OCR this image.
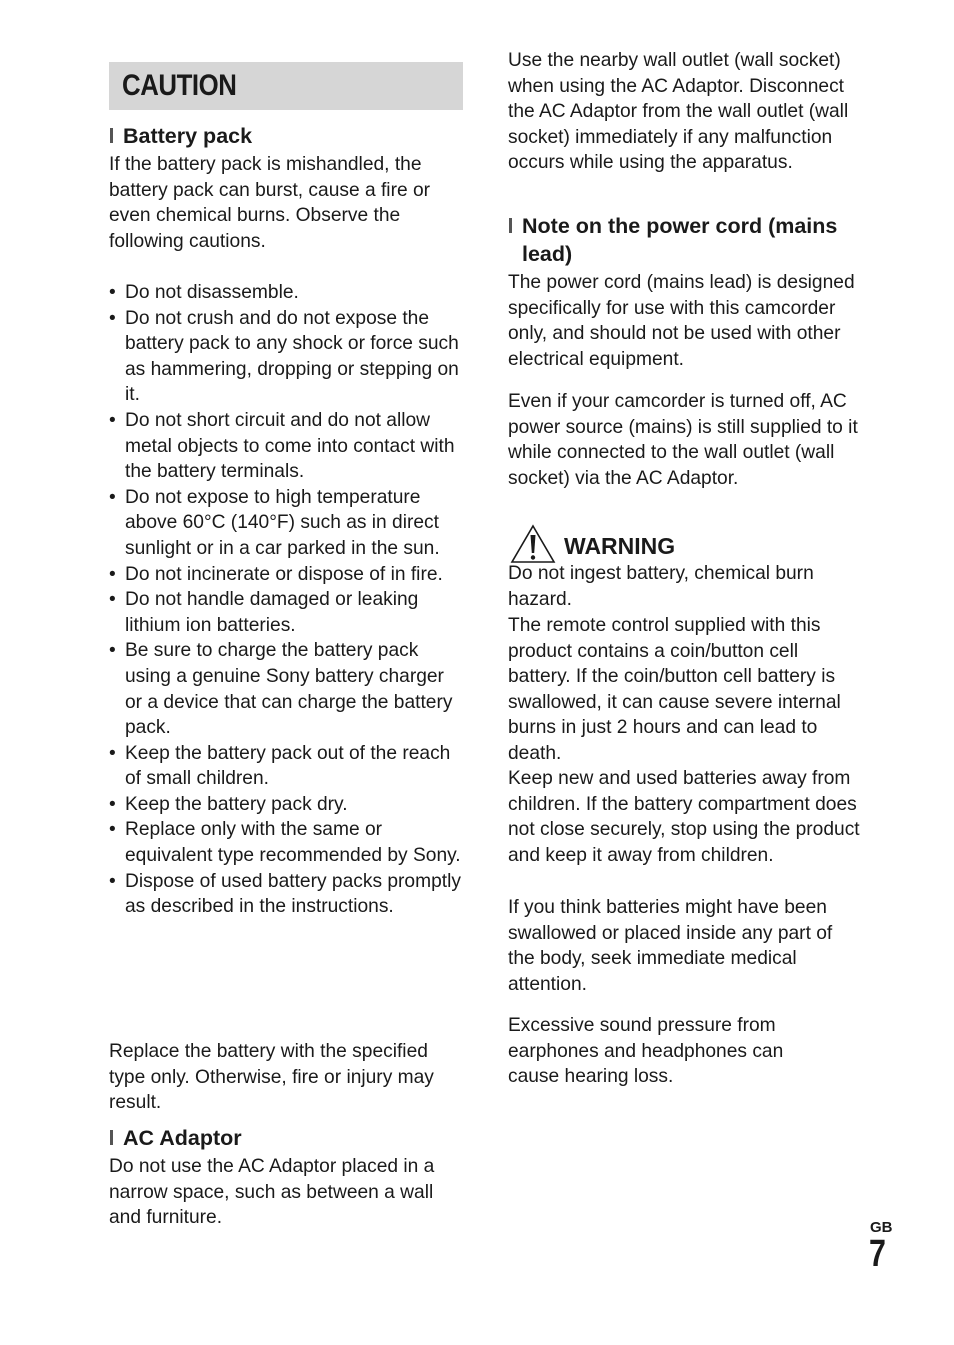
CAUTION
Battery pack

If the battery pack is mishandled, the battery pack can burst, cause a fire or even chemical burns. Observe the following cautions.

• Do not disassemble.
• Do not crush and do not expose the battery pack to any shock or force such as hammering, dropping or stepping on it.
• Do not short circuit and do not allow metal objects to come into contact with the battery terminals.
• Do not expose to high temperature above 60°C (140°F) such as in direct sunlight or in a car parked in the sun.
• Do not incinerate or dispose of in fire.
• Do not handle damaged or leaking lithium ion batteries.
• Be sure to charge the battery pack using a genuine Sony battery charger or a device that can charge the battery pack.
• Keep the battery pack out of the reach of small children.
• Keep the battery pack dry.
• Replace only with the same or equivalent type recommended by Sony.
• Dispose of used battery packs promptly as described in the instructions.

Replace the battery with the specified type only. Otherwise, fire or injury may result.

AC Adaptor

Do not use the AC Adaptor placed in a narrow space, such as between a wall and furniture.

Use the nearby wall outlet (wall socket) when using the AC Adaptor. Disconnect the AC Adaptor from the wall outlet (wall socket) immediately if any malfunction occurs while using the apparatus.

Note on the power cord (mains lead)

The power cord (mains lead) is designed specifically for use with this camcorder only, and should not be used with other electrical equipment.

Even if your camcorder is turned off, AC power source (mains) is still supplied to it while connected to the wall outlet (wall socket) via the AC Adaptor.

WARNING

Do not ingest battery, chemical burn hazard.

The remote control supplied with this product contains a coin/button cell battery. If the coin/button cell battery is swallowed, it can cause severe internal burns in just 2 hours and can lead to death.

Keep new and used batteries away from children. If the battery compartment does not close securely, stop using the product and keep it away from children.

If you think batteries might have been swallowed or placed inside any part of the body, seek immediate medical attention.

Excessive sound pressure from earphones and headphones can cause hearing loss.

GB

7
